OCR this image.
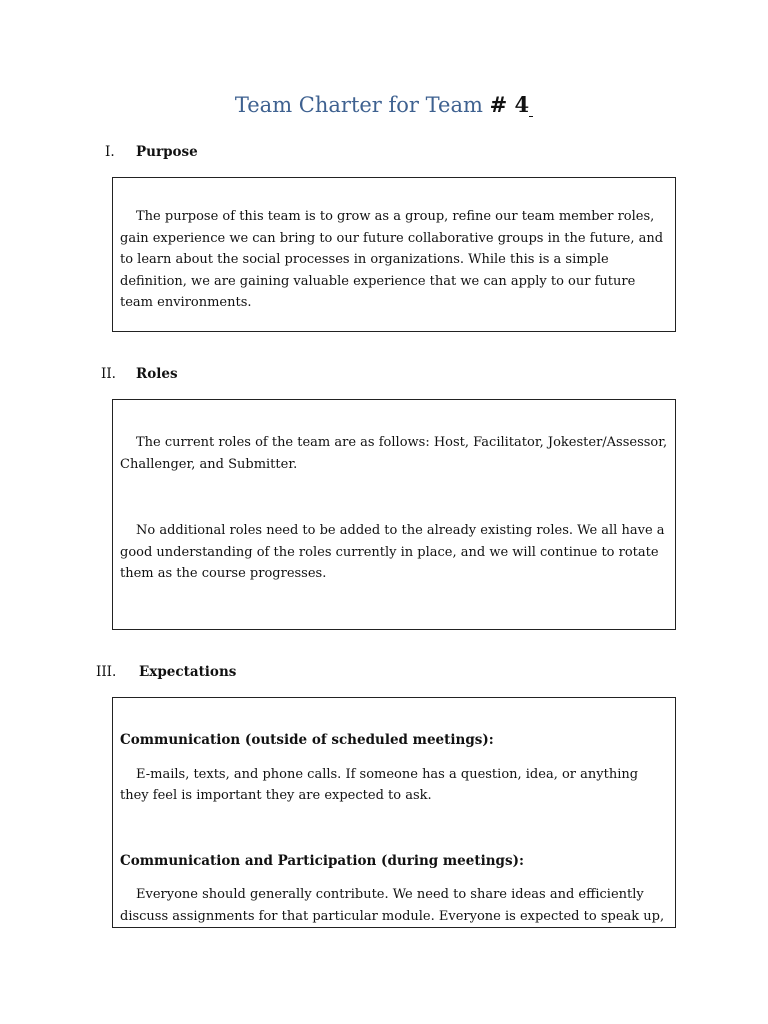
Team Charter for Team # 4
I. Purpose

The purpose of this team is to grow as a group, refine our team member roles, gain experience we can bring to our future collaborative groups in the future, and to learn about the social processes in organizations. While this is a simple definition, we are gaining valuable experience that we can apply to our future team environments.

II. Roles

The current roles of the team are as follows: Host, Facilitator, Jokester/Assessor, Challenger, and Submitter.

No additional roles need to be added to the already existing roles. We all have a good understanding of the roles currently in place, and we will continue to rotate them as the course progresses.

III. Expectations

Communication (outside of scheduled meetings):

E-mails, texts, and phone calls. If someone has a question, idea, or anything they feel is important they are expected to ask.

Communication and Participation (during meetings):

Everyone should generally contribute. We need to share ideas and efficiently discuss assignments for that particular module. Everyone is expected to speak up,
